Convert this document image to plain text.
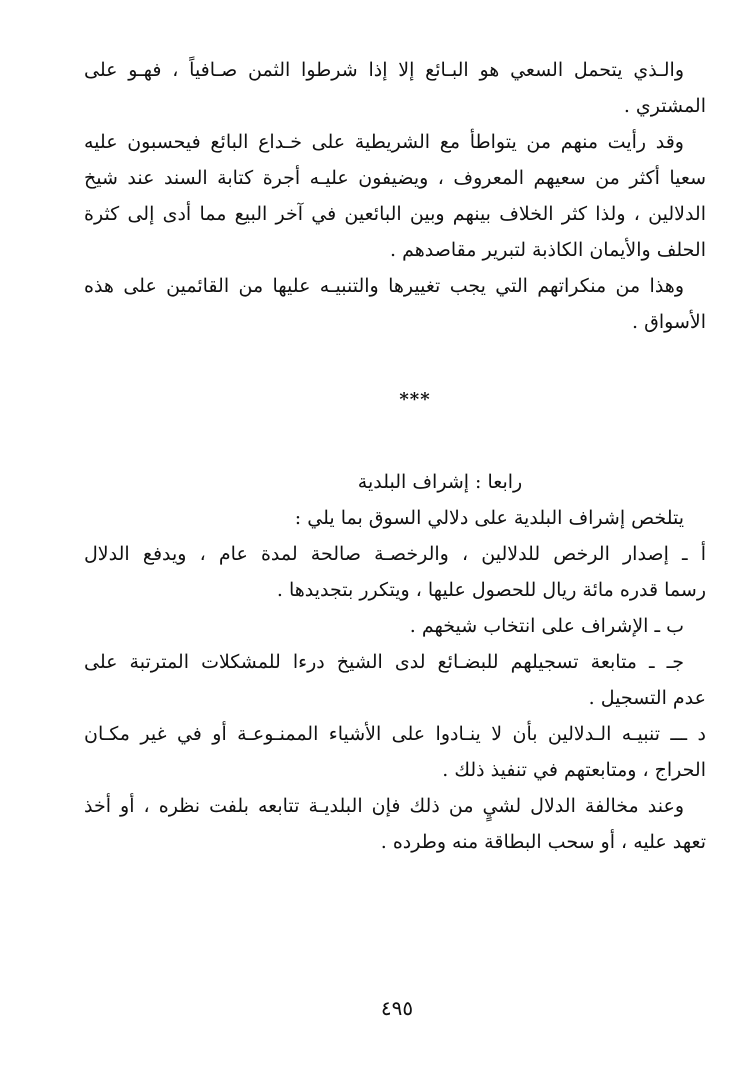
والـذي يتحمل السعي هو البـائع إلا إذا شرطوا الثمن صـافياً ، فهـو على
المشتري .
وقد رأيت منهم من يتواطأ مع الشريطية على خـداع البائع فيحسبون عليه
سعيا أكثر من سعيهم المعروف ، ويضيفون عليـه أجرة كتابة السند عند شيخ
الدلالين ، ولذا كثر الخلاف بينهم وبين البائعين في آخر البيع مما أدى إلى كثرة
الحلف والأيمان الكاذبة لتبرير مقاصدهم .
وهذا من منكراتهم التي يجب تغييرها والتنبيـه عليها من القائمين على هذه
الأسواق .
***
رابعا : إشراف البلدية
يتلخص إشراف البلدية على دلالي السوق بما يلي :
أ ـ إصدار الرخص للدلالين ، والرخصـة صالحة لمدة عام ، ويدفع الدلال
رسما قدره مائة ريال للحصول عليها ، ويتكرر بتجديدها .
ب ـ الإشراف على انتخاب شيخهم .
جـ ـ متابعة تسجيلهم للبضـائع لدى الشيخ درءا للمشكلات المترتبة على
عدم التسجيل .
د ـــ تنبيـه الـدلالين بأن لا ينـادوا على الأشياء الممنـوعـة أو في غير مكـان
الحراج ، ومتابعتهم في تنفيذ ذلك .
وعند مخالفة الدلال لشيٍ من ذلك فإن البلديـة تتابعه بلفت نظره ، أو أخذ
تعهد عليه ، أو سحب البطاقة منه وطرده .
٤٩٥
